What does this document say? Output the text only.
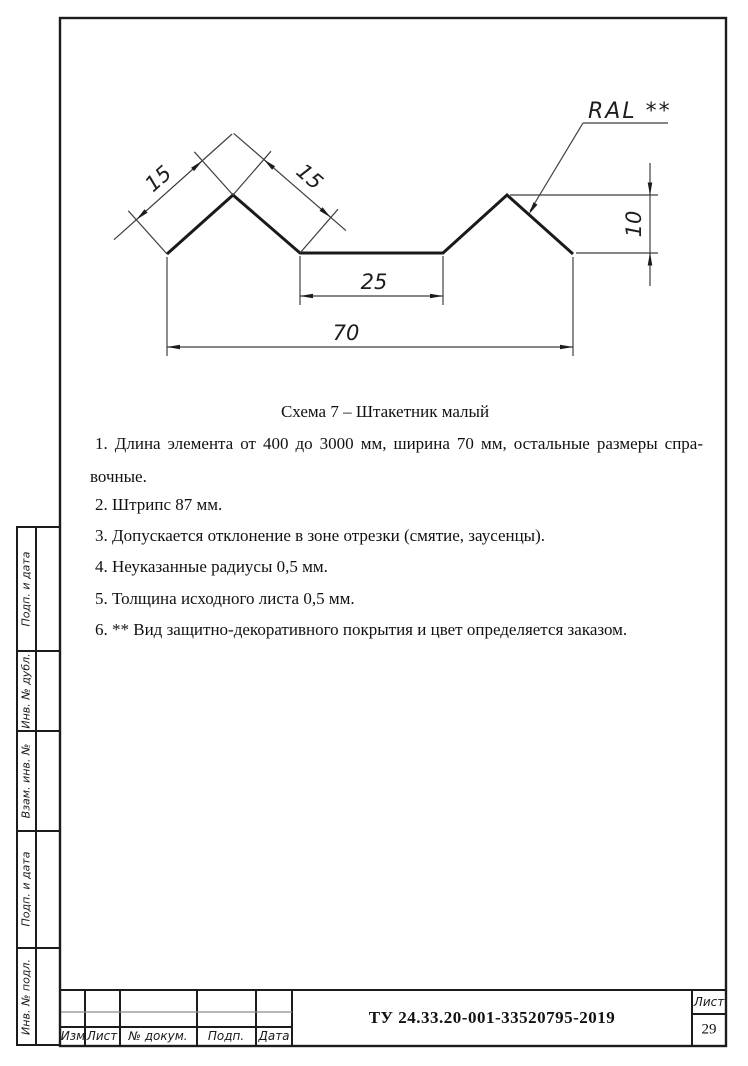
70
25
10
15	15
RAL **
Схема 7 – Штакетник малый
1. Длина элемента от 400 до 3000 мм, ширина 70 мм, остальные размеры спра-
вочные.
2. Штрипс 87 мм.
3. Допускается отклонение в зоне отрезки (смятие, заусенцы).
4. Неуказанные радиусы 0,5 мм.
5. Толщина исходного листа 0,5 мм.
6. ** Вид защитно-декоративного покрытия и цвет определяется заказом.
Подп. и дата
Инв. № дубл.
Взам. инв. №
Подп. и дата
Инв. № подл.
Изм Лист № докум. Подп. Дата
ТУ 24.33.20-001-33520795-2019
Лист
29
